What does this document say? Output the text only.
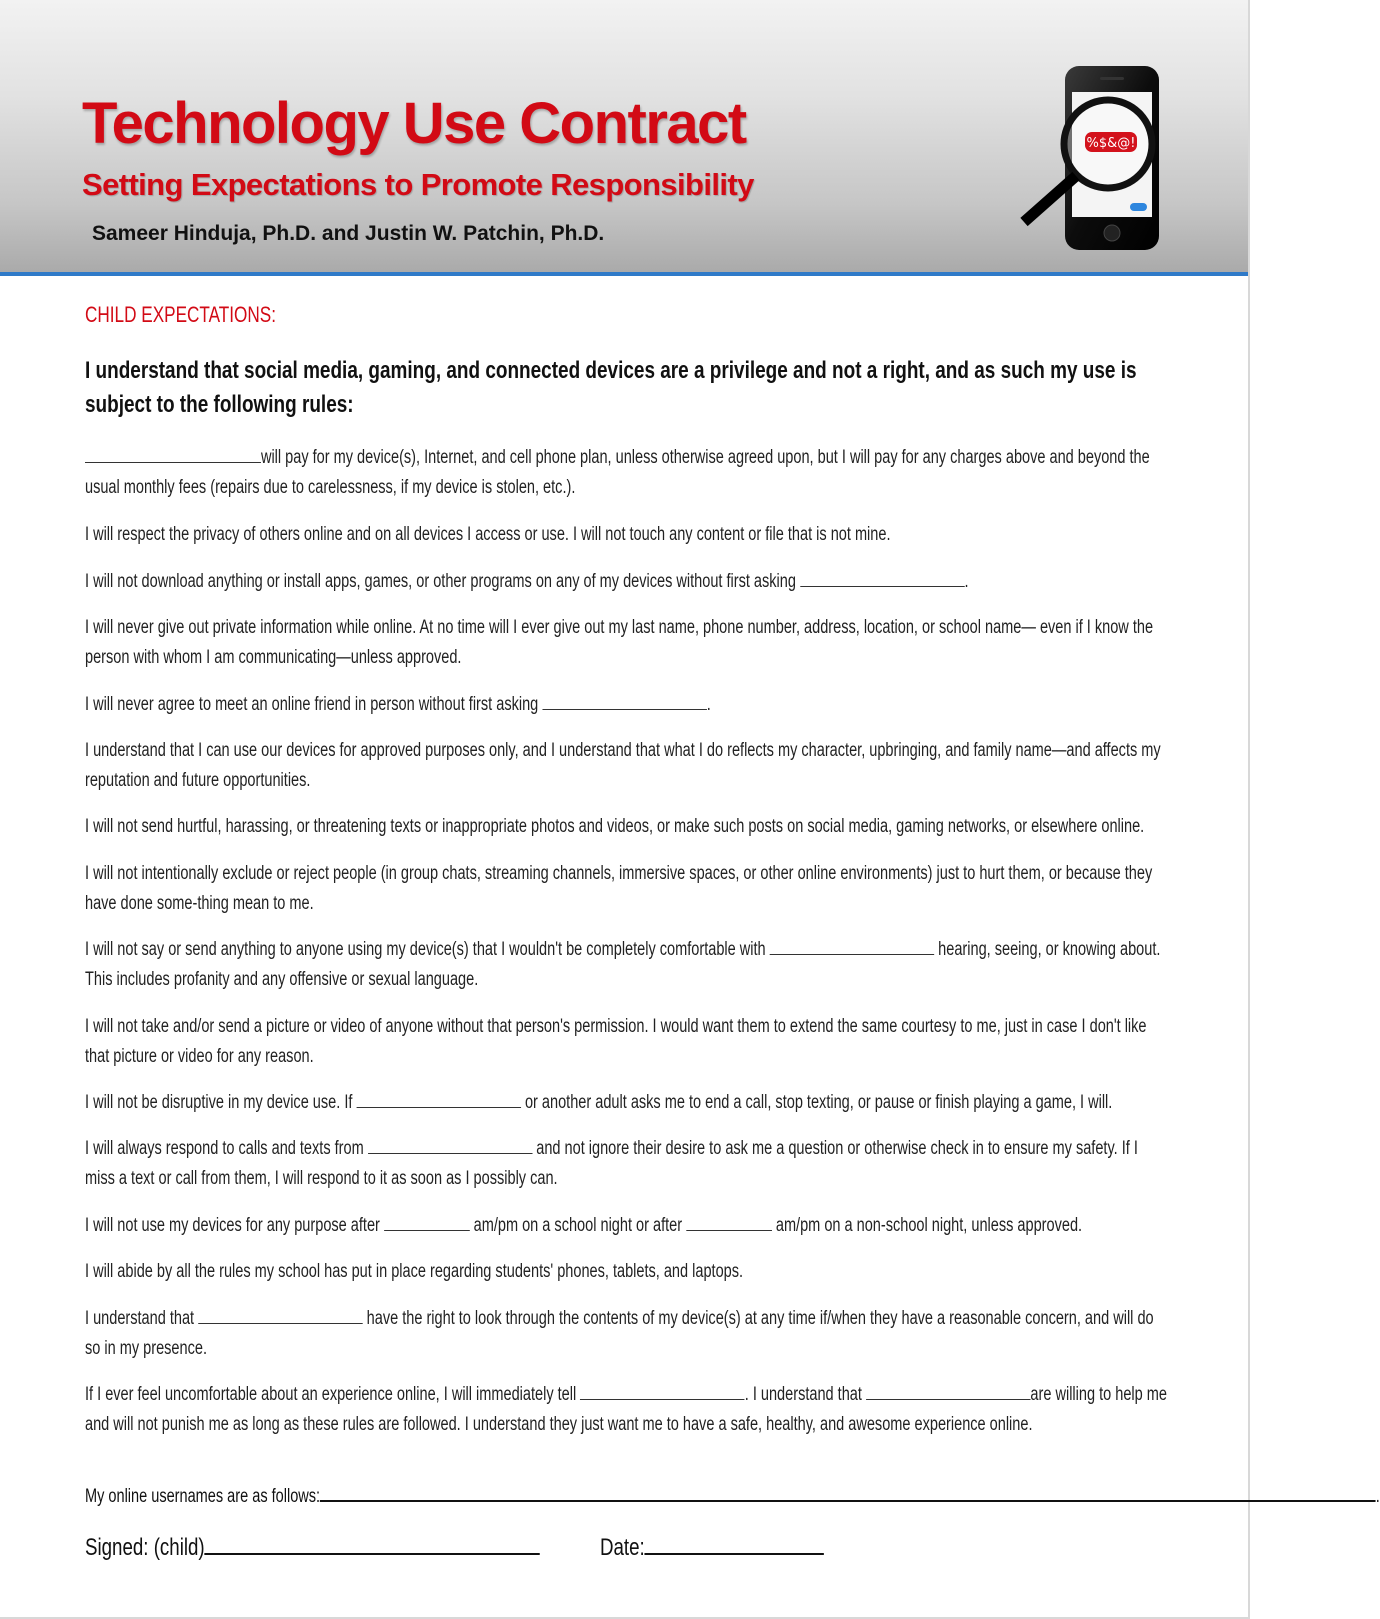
Technology Use Contract
Setting Expectations to Promote Responsibility
Sameer Hinduja, Ph.D. and Justin W. Patchin, Ph.D.
%$&@!
CHILD EXPECTATIONS:
I understand that social media, gaming, and connected devices are a privilege and not a right, and as such my use is subject to the following rules:
will pay for my device(s), Internet, and cell phone plan, unless otherwise agreed upon, but I will pay for any charges above and beyond the usual monthly fees (repairs due to carelessness, if my device is stolen, etc.).
I will respect the privacy of others online and on all devices I access or use. I will not touch any content or file that is not mine.
I will not download anything or install apps, games, or other programs on any of my devices without first asking	.
I will never give out private information while online. At no time will I ever give out my last name, phone number, address, location, or school name— even if I know the person with whom I am communicating—unless approved.
I will never agree to meet an online friend in person without first asking	.
I understand that I can use our devices for approved purposes only, and I understand that what I do reflects my character, upbringing, and family name—and affects my reputation and future opportunities.
I will not send hurtful, harassing, or threatening texts or inappropriate photos and videos, or make such posts on social media, gaming networks, or elsewhere online.
I will not intentionally exclude or reject people (in group chats, streaming channels, immersive spaces, or other online environments) just to hurt them, or because they have done some-thing mean to me.
I will not say or send anything to anyone using my device(s) that I wouldn't be completely comfortable with	hearing, seeing, or knowing about. This includes profanity and any offensive or sexual language.
I will not take and/or send a picture or video of anyone without that person's permission. I would want them to extend the same courtesy to me, just in case I don't like that picture or video for any reason.
I will not be disruptive in my device use. If	or another adult asks me to end a call, stop texting, or pause or finish playing a game, I will.
I will always respond to calls and texts from	and not ignore their desire to ask me a question or otherwise check in to ensure my safety. If I miss a text or call from them, I will respond to it as soon as I possibly can.
I will not use my devices for any purpose after	am/pm on a school night or after	am/pm on a non-school night, unless approved.
I will abide by all the rules my school has put in place regarding students' phones, tablets, and laptops.
I understand that	have the right to look through the contents of my device(s) at any time if/when they have a reasonable concern, and will do so in my presence.
If I ever feel uncomfortable about an experience online, I will immediately tell	. I understand that	are willing to help me and will not punish me as long as these rules are followed. I understand they just want me to have a safe, healthy, and awesome experience online.
My online usernames are as follows:	.
Signed: (child)	Date:
